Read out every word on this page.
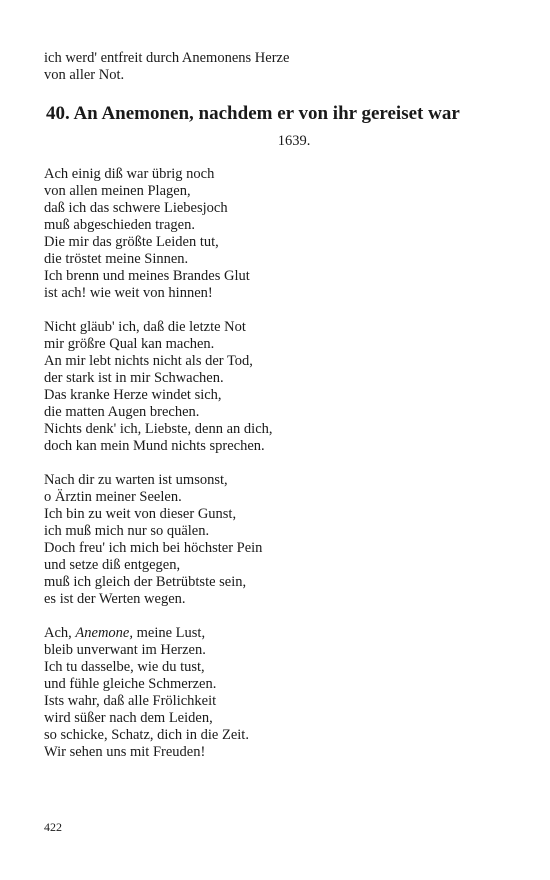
ich werd' entfreit durch Anemonens Herze
von aller Not.
40. An Anemonen, nachdem er von ihr gereiset war
1639.
Ach einig diß war übrig noch
von allen meinen Plagen,
daß ich das schwere Liebesjoch
muß abgeschieden tragen.
Die mir das größte Leiden tut,
die tröstet meine Sinnen.
Ich brenn und meines Brandes Glut
ist ach! wie weit von hinnen!
Nicht gläub' ich, daß die letzte Not
mir größre Qual kan machen.
An mir lebt nichts nicht als der Tod,
der stark ist in mir Schwachen.
Das kranke Herze windet sich,
die matten Augen brechen.
Nichts denk' ich, Liebste, denn an dich,
doch kan mein Mund nichts sprechen.
Nach dir zu warten ist umsonst,
o Ärztin meiner Seelen.
Ich bin zu weit von dieser Gunst,
ich muß mich nur so quälen.
Doch freu' ich mich bei höchster Pein
und setze diß entgegen,
muß ich gleich der Betrübtste sein,
es ist der Werten wegen.
Ach, Anemone, meine Lust,
bleib unverwant im Herzen.
Ich tu dasselbe, wie du tust,
und fühle gleiche Schmerzen.
Ists wahr, daß alle Frölichkeit
wird süßer nach dem Leiden,
so schicke, Schatz, dich in die Zeit.
Wir sehen uns mit Freuden!
422
